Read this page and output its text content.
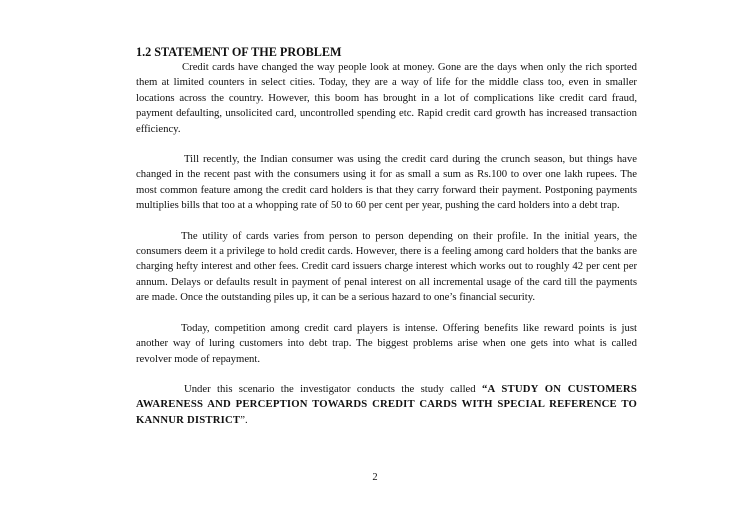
1.2 STATEMENT OF THE PROBLEM

Credit cards have changed the way people look at money. Gone are the days when only the rich sported them at limited counters in select cities. Today, they are a way of life for the middle class too, even in smaller locations across the country. However, this boom has brought in a lot of complications like credit card fraud, payment defaulting, unsolicited card, uncontrolled spending etc. Rapid credit card growth has increased transaction efficiency.

Till recently, the Indian consumer was using the credit card during the crunch season, but things have changed in the recent past with the consumers using it for as small a sum as Rs.100 to over one lakh rupees. The most common feature among the credit card holders is that they carry forward their payment. Postponing payments multiplies bills that too at a whopping rate of 50 to 60 per cent per year, pushing the card holders into a debt trap.

The utility of cards varies from person to person depending on their profile. In the initial years, the consumers deem it a privilege to hold credit cards. However, there is a feeling among card holders that the banks are charging hefty interest and other fees. Credit card issuers charge interest which works out to roughly 42 per cent per annum. Delays or defaults result in payment of penal interest on all incremental usage of the card till the payments are made. Once the outstanding piles up, it can be a serious hazard to one’s financial security.

Today, competition among credit card players is intense. Offering benefits like reward points is just another way of luring customers into debt trap. The biggest problems arise when one gets into what is called revolver mode of repayment.

Under this scenario the investigator conducts the study called “A STUDY ON CUSTOMERS AWARENESS AND PERCEPTION TOWARDS CREDIT CARDS WITH SPECIAL REFERENCE TO KANNUR DISTRICT”.

2
